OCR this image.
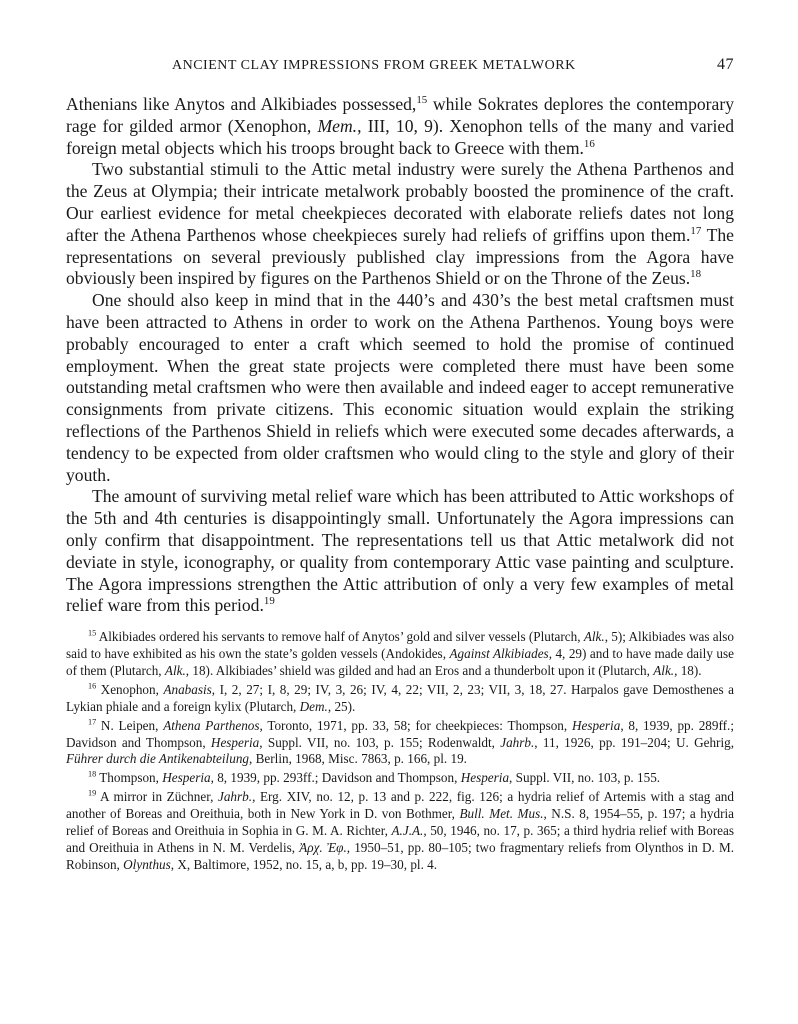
ANCIENT CLAY IMPRESSIONS FROM GREEK METALWORK	47

Athenians like Anytos and Alkibiades possessed,$^{15}$ while Sokrates deplores the contemporary rage for gilded armor (Xenophon, Mem., III, 10, 9). Xenophon tells of the many and varied foreign metal objects which his troops brought back to Greece with them.$^{16}$

Two substantial stimuli to the Attic metal industry were surely the Athena Parthenos and the Zeus at Olympia; their intricate metalwork probably boosted the prominence of the craft. Our earliest evidence for metal cheekpieces decorated with elaborate reliefs dates not long after the Athena Parthenos whose cheekpieces surely had reliefs of griffins upon them.$^{17}$ The representations on several previously published clay impressions from the Agora have obviously been inspired by figures on the Parthenos Shield or on the Throne of the Zeus.$^{18}$

One should also keep in mind that in the 440’s and 430’s the best metal craftsmen must have been attracted to Athens in order to work on the Athena Parthenos. Young boys were probably encouraged to enter a craft which seemed to hold the promise of continued employment. When the great state projects were completed there must have been some outstanding metal craftsmen who were then available and indeed eager to accept remunerative consignments from private citizens. This economic situation would explain the striking reflections of the Parthenos Shield in reliefs which were executed some decades afterwards, a tendency to be expected from older craftsmen who would cling to the style and glory of their youth.

The amount of surviving metal relief ware which has been attributed to Attic workshops of the 5th and 4th centuries is disappointingly small. Unfortunately the Agora impressions can only confirm that disappointment. The representations tell us that Attic metalwork did not deviate in style, iconography, or quality from contemporary Attic vase painting and sculpture. The Agora impressions strengthen the Attic attribution of only a very few examples of metal relief ware from this period.$^{19}$

$^{15}$ Alkibiades ordered his servants to remove half of Anytos’ gold and silver vessels (Plutarch, Alk., 5); Alkibiades was also said to have exhibited as his own the state’s golden vessels (Andokides, Against Alkibiades, 4, 29) and to have made daily use of them (Plutarch, Alk., 18). Alkibiades’ shield was gilded and had an Eros and a thunderbolt upon it (Plutarch, Alk., 18).

$^{16}$ Xenophon, Anabasis, I, 2, 27; I, 8, 29; IV, 3, 26; IV, 4, 22; VII, 2, 23; VII, 3, 18, 27. Harpalos gave Demosthenes a Lykian phiale and a foreign kylix (Plutarch, Dem., 25).

$^{17}$ N. Leipen, Athena Parthenos, Toronto, 1971, pp. 33, 58; for cheekpieces: Thompson, Hesperia, 8, 1939, pp. 289ff.; Davidson and Thompson, Hesperia, Suppl. VII, no. 103, p. 155; Rodenwaldt, Jahrb., 11, 1926, pp. 191–204; U. Gehrig, Führer durch die Antikenabteilung, Berlin, 1968, Misc. 7863, p. 166, pl. 19.

$^{18}$ Thompson, Hesperia, 8, 1939, pp. 293ff.; Davidson and Thompson, Hesperia, Suppl. VII, no. 103, p. 155.

$^{19}$ A mirror in Züchner, Jahrb., Erg. XIV, no. 12, p. 13 and p. 222, fig. 126; a hydria relief of Artemis with a stag and another of Boreas and Oreithuia, both in New York in D. von Bothmer, Bull. Met. Mus., N.S. 8, 1954–55, p. 197; a hydria relief of Boreas and Oreithuia in Sophia in G. M. A. Richter, A.J.A., 50, 1946, no. 17, p. 365; a third hydria relief with Boreas and Oreithuia in Athens in N. M. Verdelis, Ἀρχ. Ἐφ., 1950–51, pp. 80–105; two fragmentary reliefs from Olynthos in D. M. Robinson, Olynthus, X, Baltimore, 1952, no. 15, a, b, pp. 19–30, pl. 4.
